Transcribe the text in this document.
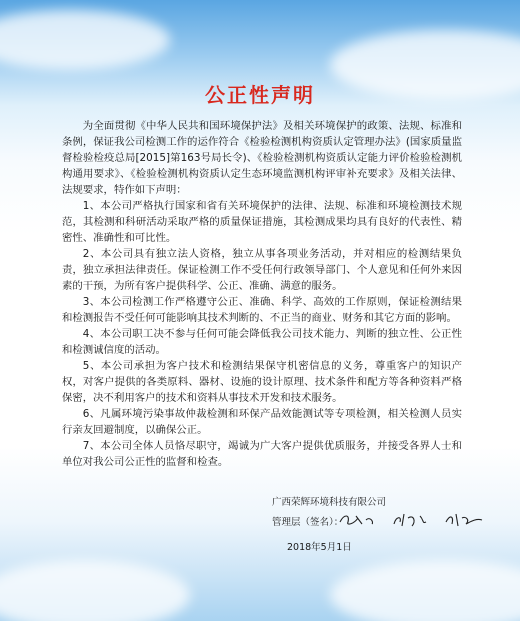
公正性声明

为全面贯彻《中华人民共和国环境保护法》及相关环境保护的政策、法规、标准和条例，保证我公司检测工作的运作符合《检验检测机构资质认定管理办法》(国家质量监督检验检疫总局[2015]第163号局长令)、《检验检测机构资质认定能力评价检验检测机构通用要求》、《检验检测机构资质认定生态环境监测机构评审补充要求》及相关法律、法规要求，特作如下声明：

1、本公司严格执行国家和省有关环境保护的法律、法规、标准和环境检测技术规范，其检测和科研活动采取严格的质量保证措施，其检测成果均具有良好的代表性、精密性、准确性和可比性。

2、本公司具有独立法人资格，独立从事各项业务活动，并对相应的检测结果负责，独立承担法律责任。保证检测工作不受任何行政领导部门、个人意见和任何外来因素的干预，为所有客户提供科学、公正、准确、满意的服务。

3、本公司检测工作严格遵守公正、准确、科学、高效的工作原则，保证检测结果和检测报告不受任何可能影响其技术判断的、不正当的商业、财务和其它方面的影响。

4、本公司职工决不参与任何可能会降低我公司技术能力、判断的独立性、公正性和检测诚信度的活动。

5、本公司承担为客户技术和检测结果保守机密信息的义务，尊重客户的知识产权，对客户提供的各类原料、器材、设施的设计原理、技术条件和配方等各种资料严格保密，决不利用客户的技术和资料从事技术开发和技术服务。

6、凡属环境污染事故仲裁检测和环保产品效能测试等专项检测，相关检测人员实行亲友回避制度，以确保公正。

7、本公司全体人员恪尽职守，竭诚为广大客户提供优质服务，并接受各界人士和单位对我公司公正性的监督和检查。

广西荣辉环境科技有限公司
管理层（签名）：
2018年5月1日
